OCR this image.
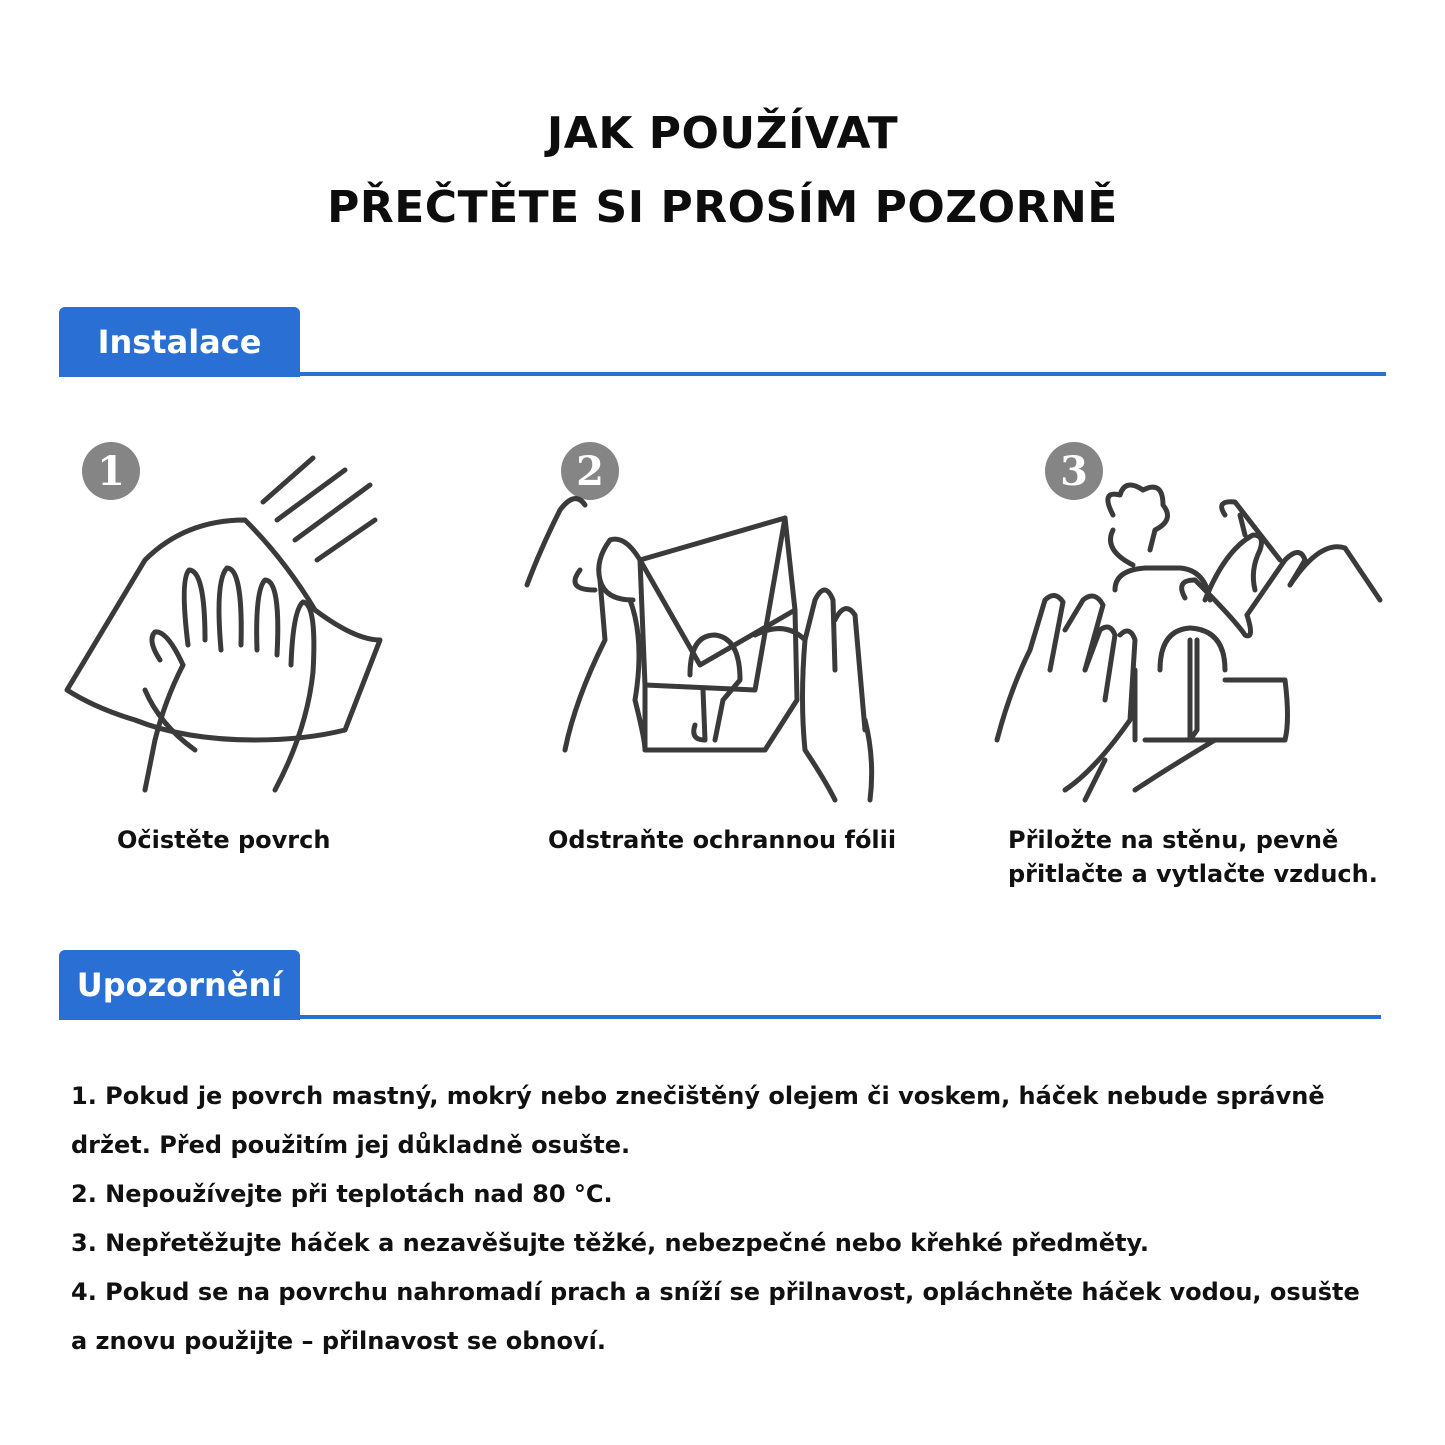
JAK POUŽÍVAT
PŘEČTĚTE SI PROSÍM POZORNĚ
Instalace
1
Očistěte povrch
2
Odstraňte ochrannou fólii
3
Přiložte na stěnu, pevně
přitlačte a vytlačte vzduch.
Upozornění
1. Pokud je povrch mastný, mokrý nebo znečištěný olejem či voskem, háček nebude správně
držet. Před použitím jej důkladně osušte.
2. Nepoužívejte při teplotách nad 80 °C.
3. Nepřetěžujte háček a nezavěšujte těžké, nebezpečné nebo křehké předměty.
4. Pokud se na povrchu nahromadí prach a sníží se přilnavost, opláchněte háček vodou, osušte
a znovu použijte – přilnavost se obnoví.
